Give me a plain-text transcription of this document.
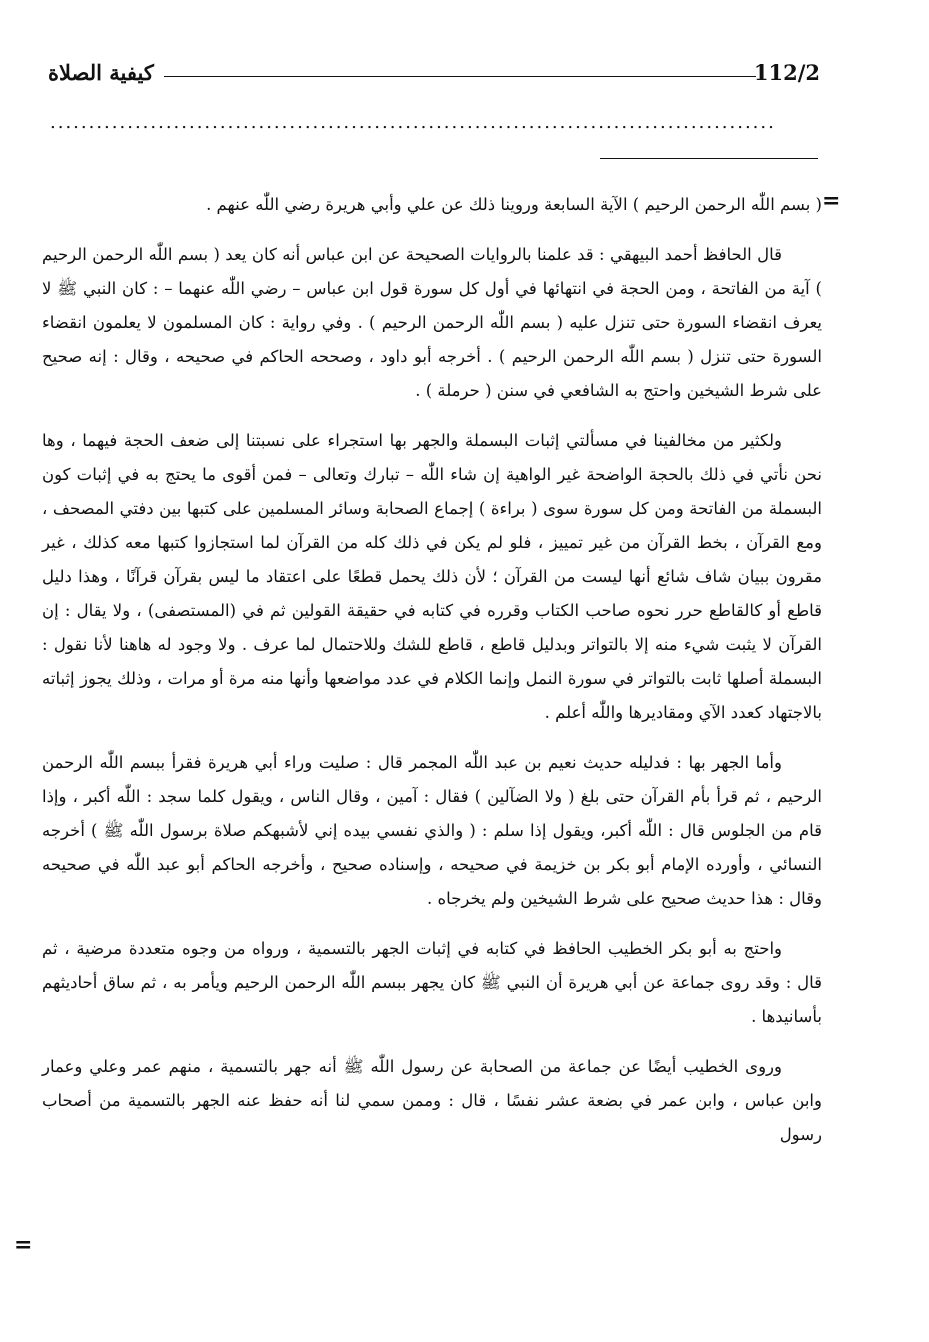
112/2
كيفية الصلاة
..............................................................................................
=

( بسم اللّٰه الرحمن الرحيم ) الآية السابعة وروينا ذلك عن علي وأبي هريرة رضي اللّٰه عنهم .

قال الحافظ أحمد البيهقي : قد علمنا بالروايات الصحيحة عن ابن عباس أنه كان يعد ( بسم اللّٰه الرحمن الرحيم ) آية من الفاتحة ، ومن الحجة في انتهائها في أول كل سورة قول ابن عباس – رضي اللّٰه عنهما – : كان النبي ﷺ لا يعرف انقضاء السورة حتى تنزل عليه ( بسم اللّٰه الرحمن الرحيم ) . وفي رواية : كان المسلمون لا يعلمون انقضاء السورة حتى تنزل ( بسم اللّٰه الرحمن الرحيم ) . أخرجه أبو داود ، وصححه الحاكم في صحيحه ، وقال : إنه صحيح على شرط الشيخين واحتج به الشافعي في سنن ( حرملة ) .

ولكثير من مخالفينا في مسألتي إثبات البسملة والجهر بها استجراء على نسبتنا إلى ضعف الحجة فيهما ، وها نحن نأتي في ذلك بالحجة الواضحة غير الواهية إن شاء اللّٰه – تبارك وتعالى – فمن أقوى ما يحتج به في إثبات كون البسملة من الفاتحة ومن كل سورة سوى ( براءة ) إجماع الصحابة وسائر المسلمين على كتبها بين دفتي المصحف ، ومع القرآن ، بخط القرآن من غير تمييز ، فلو لم يكن في ذلك كله من القرآن لما استجازوا كتبها معه كذلك ، غير مقرون ببيان شاف شائع أنها ليست من القرآن ؛ لأن ذلك يحمل قطعًا على اعتقاد ما ليس بقرآن قرآنًا ، وهذا دليل قاطع أو كالقاطع حرر نحوه صاحب الكتاب وقرره في كتابه في حقيقة القولين ثم في (المستصفى) ، ولا يقال : إن القرآن لا يثبت شيء منه إلا بالتواتر وبدليل قاطع ، قاطع للشك وللاحتمال لما عرف . ولا وجود له هاهنا لأنا نقول : البسملة أصلها ثابت بالتواتر في سورة النمل وإنما الكلام في عدد مواضعها وأنها منه مرة أو مرات ، وذلك يجوز إثباته بالاجتهاد كعدد الآي ومقاديرها واللّٰه أعلم .

وأما الجهر بها : فدليله حديث نعيم بن عبد اللّٰه المجمر قال : صليت وراء أبي هريرة فقرأ ببسم اللّٰه الرحمن الرحيم ، ثم قرأ بأم القرآن حتى بلغ ( ولا الضآلين ) فقال : آمين ، وقال الناس ، ويقول كلما سجد : اللّٰه أكبر ، وإذا قام من الجلوس قال : اللّٰه أكبر، ويقول إذا سلم : ( والذي نفسي بيده إني لأشبهكم صلاة برسول اللّٰه ﷺ ) أخرجه النسائي ، وأورده الإمام أبو بكر بن خزيمة في صحيحه ، وإسناده صحيح ، وأخرجه الحاكم أبو عبد اللّٰه في صحيحه وقال : هذا حديث صحيح على شرط الشيخين ولم يخرجاه .

واحتج به أبو بكر الخطيب الحافظ في كتابه في إثبات الجهر بالتسمية ، ورواه من وجوه متعددة مرضية ، ثم قال : وقد روى جماعة عن أبي هريرة أن النبي ﷺ كان يجهر ببسم اللّٰه الرحمن الرحيم ويأمر به ، ثم ساق أحاديثهم بأسانيدها .

وروى الخطيب أيضًا عن جماعة من الصحابة عن رسول اللّٰه ﷺ أنه جهر بالتسمية ، منهم عمر وعلي وعمار وابن عباس ، وابن عمر في بضعة عشر نفسًا ، قال : وممن سمي لنا أنه حفظ عنه الجهر بالتسمية من أصحاب رسول

=
